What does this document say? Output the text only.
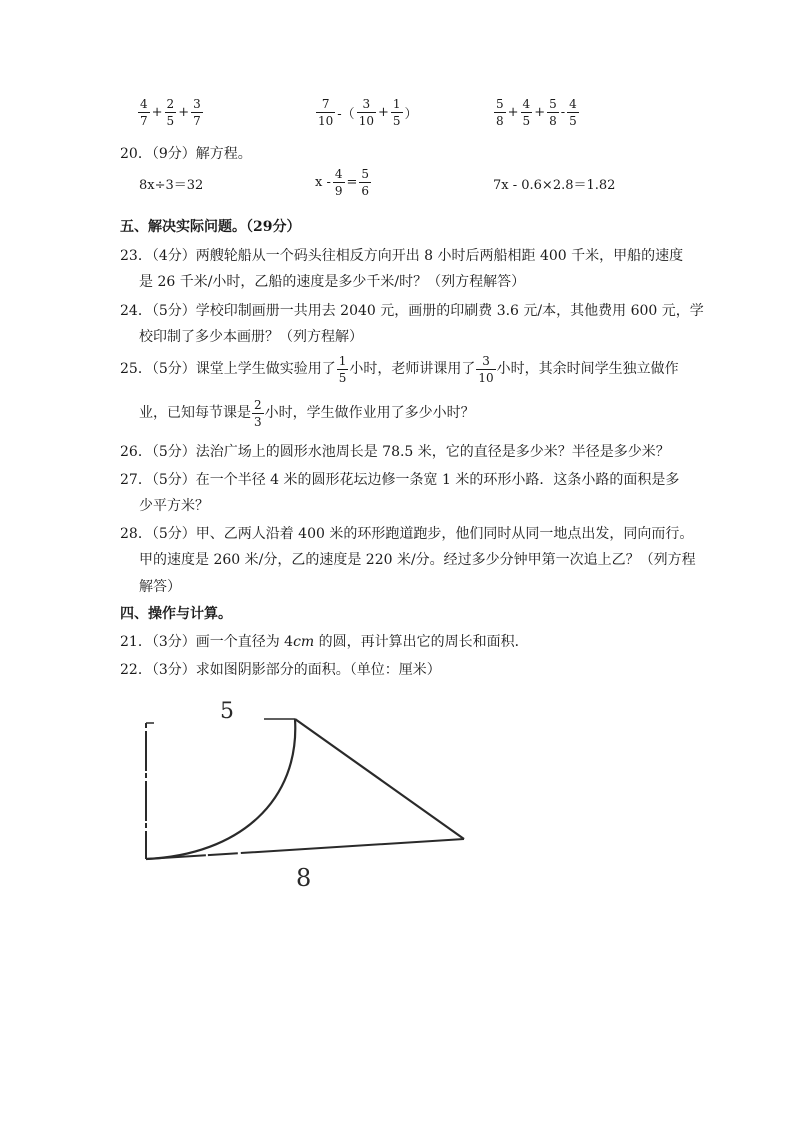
$\frac{4}{7} + \frac{2}{5} + \frac{3}{7}$	$\frac{7}{10}$ -（ $\frac{3}{10} + \frac{1}{5}$ ）	$\frac{5}{8} + \frac{4}{5} + \frac{5}{8} - \frac{4}{5}$
20．（9分）解方程。
8x÷3＝32	$x - \frac{4}{9} = \frac{5}{6}$	7x - 0.6×2.8＝1.82
五、解决实际问题。（29分）
23．（4分）两艘轮船从一个码头往相反方向开出 8 小时后两船相距 400 千米，甲船的速度
是 26 千米/小时，乙船的速度是多少千米/时？（列方程解答）
24．（5分）学校印制画册一共用去 2040 元，画册的印刷费 3.6 元/本，其他费用 600 元，学
校印制了多少本画册？（列方程解）
25．（5分）课堂上学生做实验用了 $\frac{1}{5}$ 小时，老师讲课用了 $\frac{3}{10}$ 小时，其余时间学生独立做作
业，已知每节课是 $\frac{2}{3}$ 小时，学生做作业用了多少小时？
26．（5分）法治广场上的圆形水池周长是 78.5 米，它的直径是多少米？半径是多少米？
27．（5分）在一个半径 4 米的圆形花坛边修一条宽 1 米的环形小路．这条小路的面积是多
少平方米？
28．（5分）甲、乙两人沿着 400 米的环形跑道跑步，他们同时从同一地点出发，同向而行。
甲的速度是 260 米/分，乙的速度是 220 米/分。经过多少分钟甲第一次追上乙？（列方程
解答）
四、操作与计算。
21．（3分）画一个直径为 4cm 的圆，再计算出它的周长和面积．
22．（3分）求如图阴影部分的面积。（单位：厘米）
5
8
